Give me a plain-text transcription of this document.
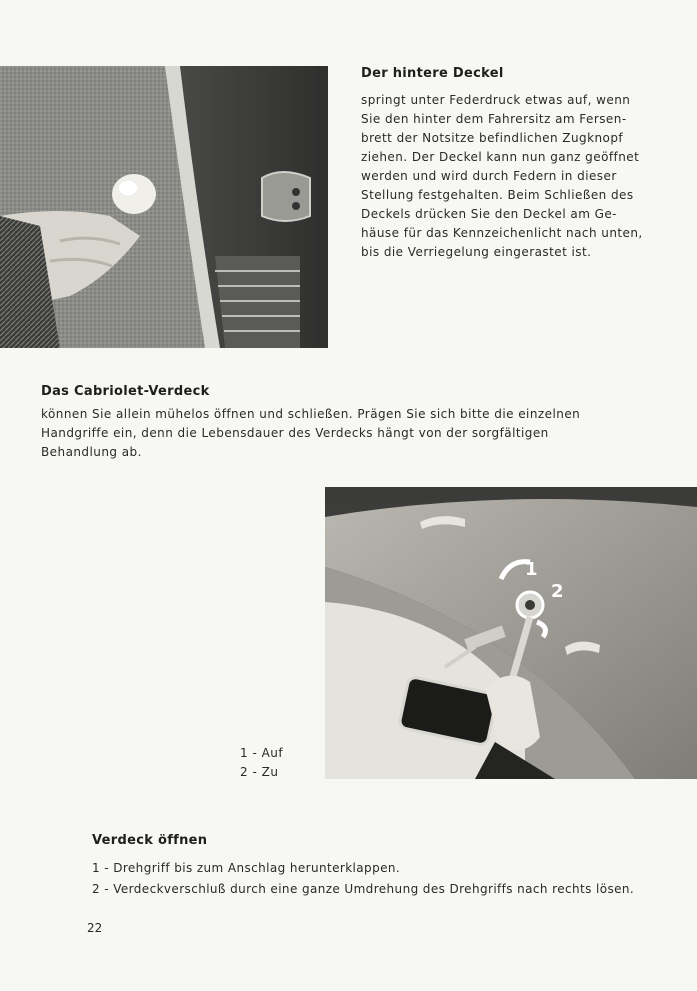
Der hintere Deckel

springt unter Federdruck etwas auf, wenn
Sie den hinter dem Fahrersitz am Fersen-
brett der Notsitze befindlichen Zugknopf
ziehen. Der Deckel kann nun ganz geöffnet
werden und wird durch Federn in dieser
Stellung festgehalten. Beim Schließen des
Deckels drücken Sie den Deckel am Ge-
häuse für das Kennzeichenlicht nach unten,
bis die Verriegelung eingerastet ist.

Das Cabriolet-Verdeck

können Sie allein mühelos öffnen und schließen. Prägen Sie sich bitte die einzelnen
Handgriffe ein, denn die Lebensdauer des Verdecks hängt von der sorgfältigen
Behandlung ab.

1
2
1 - Auf
2 - Zu
Verdeck öffnen
1 - Drehgriff bis zum Anschlag herunterklappen.
2 - Verdeckverschluß durch eine ganze Umdrehung des Drehgriffs nach rechts lösen.
22
